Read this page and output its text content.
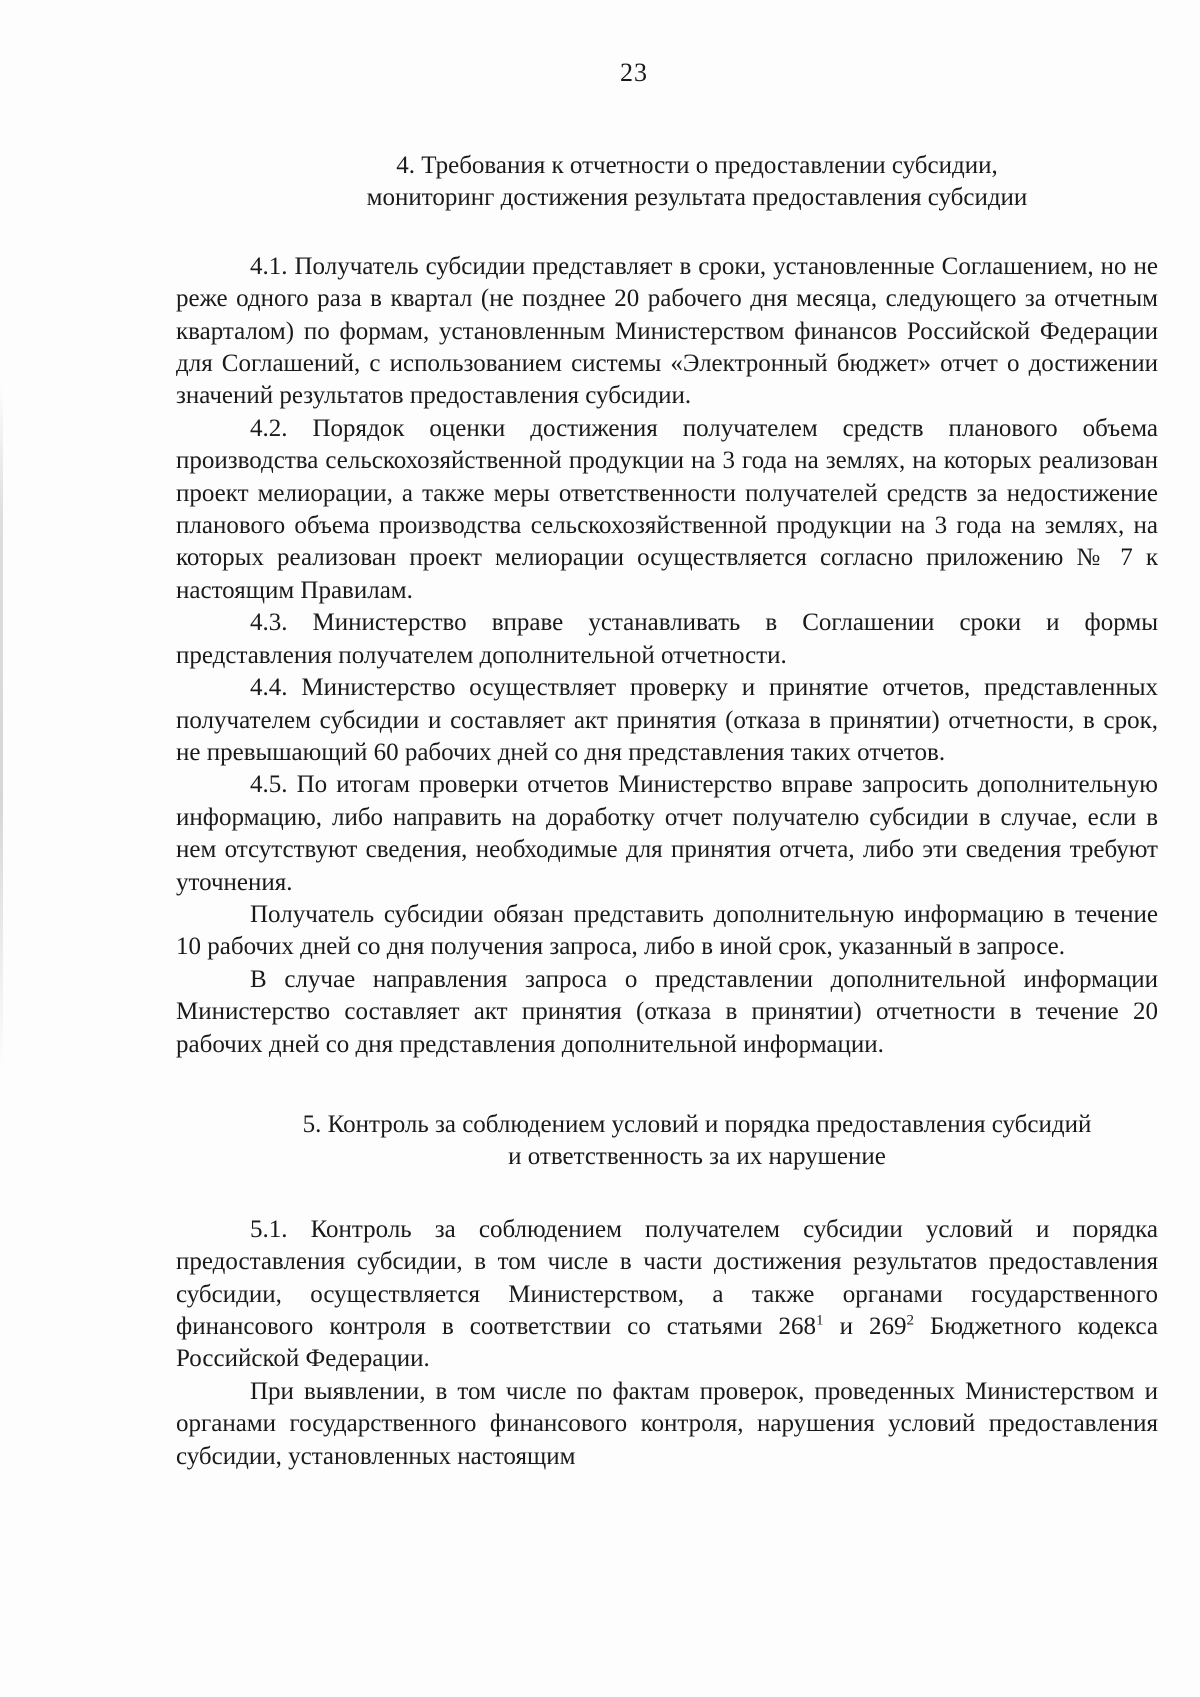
23
4. Требования к отчетности о предоставлении субсидии,
мониторинг достижения результата предоставления субсидии

4.1. Получатель субсидии представляет в сроки, установленные Соглашением, но не реже одного раза в квартал (не позднее 20 рабочего дня месяца, следующего за отчетным кварталом) по формам, установленным Министерством финансов Российской Федерации для Соглашений, с использованием системы «Электронный бюджет» отчет о достижении значений результатов предоставления субсидии.

4.2. Порядок оценки достижения получателем средств планового объема производства сельскохозяйственной продукции на 3 года на землях, на которых реализован проект мелиорации, а также меры ответственности получателей средств за недостижение планового объема производства сельскохозяйственной продукции на 3 года на землях, на которых реализован проект мелиорации осуществляется согласно приложению № 7 к настоящим Правилам.

4.3. Министерство вправе устанавливать в Соглашении сроки и формы представления получателем дополнительной отчетности.

4.4. Министерство осуществляет проверку и принятие отчетов, представленных получателем субсидии и составляет акт принятия (отказа в принятии) отчетности, в срок, не превышающий 60 рабочих дней со дня представления таких отчетов.

4.5. По итогам проверки отчетов Министерство вправе запросить дополнительную информацию, либо направить на доработку отчет получателю субсидии в случае, если в нем отсутствуют сведения, необходимые для принятия отчета, либо эти сведения требуют уточнения.

Получатель субсидии обязан представить дополнительную информацию в течение 10 рабочих дней со дня получения запроса, либо в иной срок, указанный в запросе.

В случае направления запроса о представлении дополнительной информации Министерство составляет акт принятия (отказа в принятии) отчетности в течение 20 рабочих дней со дня представления дополнительной информации.

5. Контроль за соблюдением условий и порядка предоставления субсидий
и ответственность за их нарушение

5.1. Контроль за соблюдением получателем субсидии условий и порядка предоставления субсидии, в том числе в части достижения результатов предоставления субсидии, осуществляется Министерством, а также органами государственного финансового контроля в соответствии со статьями $268^1$ и $269^2$ Бюджетного кодекса Российской Федерации.

При выявлении, в том числе по фактам проверок, проведенных Министерством и органами государственного финансового контроля, нарушения условий предоставления субсидии, установленных настоящим
